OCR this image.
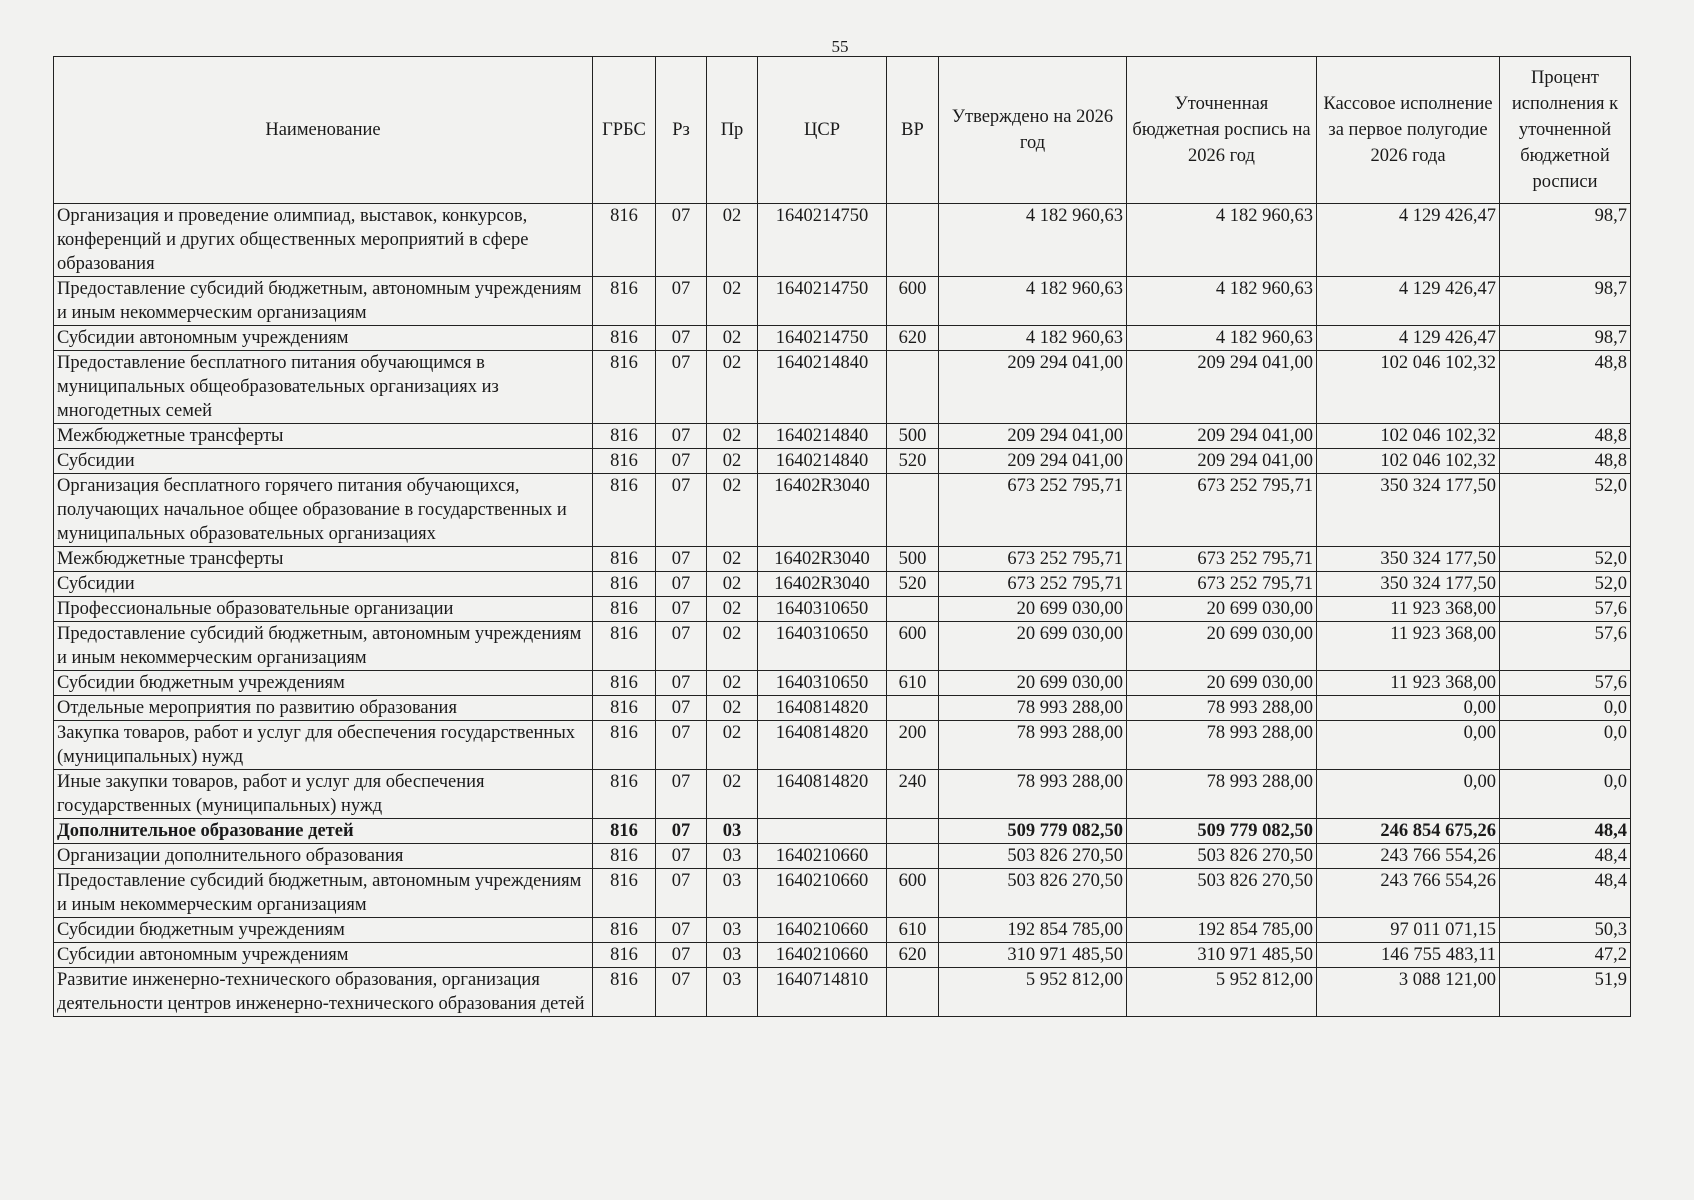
55
Наименование	ГРБС	Рз	Пр	ЦСР	ВР	Утверждено на 2026 год	Уточненная бюджетная роспись на 2026 год	Кассовое исполнение за первое полугодие 2026 года	Процент исполнения к уточненной бюджетной росписи
Организация и проведение олимпиад, выставок, конкурсов, конференций и других общественных мероприятий в сфере образования	816	07	02	1640214750		4 182 960,63	4 182 960,63	4 129 426,47	98,7
Предоставление субсидий бюджетным, автономным учреждениям и иным некоммерческим организациям	816	07	02	1640214750	600	4 182 960,63	4 182 960,63	4 129 426,47	98,7
Субсидии автономным учреждениям	816	07	02	1640214750	620	4 182 960,63	4 182 960,63	4 129 426,47	98,7
Предоставление бесплатного питания обучающимся в муниципальных общеобразовательных организациях из многодетных семей	816	07	02	1640214840		209 294 041,00	209 294 041,00	102 046 102,32	48,8
Межбюджетные трансферты	816	07	02	1640214840	500	209 294 041,00	209 294 041,00	102 046 102,32	48,8
Субсидии	816	07	02	1640214840	520	209 294 041,00	209 294 041,00	102 046 102,32	48,8
Организация бесплатного горячего питания обучающихся, получающих начальное общее образование в государственных и муниципальных образовательных организациях	816	07	02	16402R3040		673 252 795,71	673 252 795,71	350 324 177,50	52,0
Межбюджетные трансферты	816	07	02	16402R3040	500	673 252 795,71	673 252 795,71	350 324 177,50	52,0
Субсидии	816	07	02	16402R3040	520	673 252 795,71	673 252 795,71	350 324 177,50	52,0
Профессиональные образовательные организации	816	07	02	1640310650		20 699 030,00	20 699 030,00	11 923 368,00	57,6
Предоставление субсидий бюджетным, автономным учреждениям и иным некоммерческим организациям	816	07	02	1640310650	600	20 699 030,00	20 699 030,00	11 923 368,00	57,6
Субсидии бюджетным учреждениям	816	07	02	1640310650	610	20 699 030,00	20 699 030,00	11 923 368,00	57,6
Отдельные мероприятия по развитию образования	816	07	02	1640814820		78 993 288,00	78 993 288,00	0,00	0,0
Закупка товаров, работ и услуг для обеспечения государственных (муниципальных) нужд	816	07	02	1640814820	200	78 993 288,00	78 993 288,00	0,00	0,0
Иные закупки товаров, работ и услуг для обеспечения государственных (муниципальных) нужд	816	07	02	1640814820	240	78 993 288,00	78 993 288,00	0,00	0,0
Дополнительное образование детей	816	07	03			509 779 082,50	509 779 082,50	246 854 675,26	48,4
Организации дополнительного образования	816	07	03	1640210660		503 826 270,50	503 826 270,50	243 766 554,26	48,4
Предоставление субсидий бюджетным, автономным учреждениям и иным некоммерческим организациям	816	07	03	1640210660	600	503 826 270,50	503 826 270,50	243 766 554,26	48,4
Субсидии бюджетным учреждениям	816	07	03	1640210660	610	192 854 785,00	192 854 785,00	97 011 071,15	50,3
Субсидии автономным учреждениям	816	07	03	1640210660	620	310 971 485,50	310 971 485,50	146 755 483,11	47,2
Развитие инженерно-технического образования, организация деятельности центров инженерно-технического образования детей	816	07	03	1640714810		5 952 812,00	5 952 812,00	3 088 121,00	51,9
